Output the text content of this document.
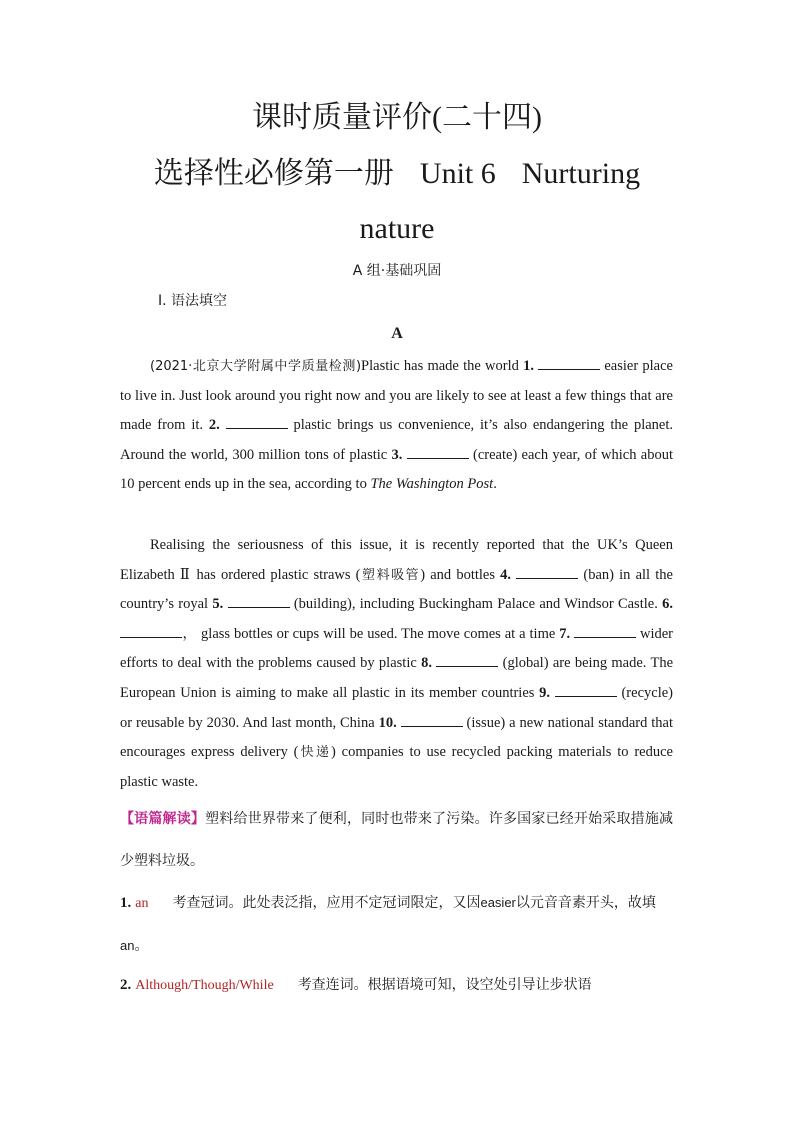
课时质量评价(二十四)
选择性必修第一册 Unit 6 Nurturing
nature
A 组·基础巩固
Ⅰ. 语法填空
A

(2021·北京大学附属中学质量检测)Plastic has made the world 1.	easier place to live in. Just look around you right now and you are likely to see at least a few things that are made from it. 2.	plastic brings us convenience, it’s also endangering the planet. Around the world, 300 million tons of plastic 3.	(create) each year, of which about 10 percent ends up in the sea, according to The Washington Post.

Realising the seriousness of this issue, it is recently reported that the UK’s Queen Elizabeth Ⅱ has ordered plastic straws (塑料吸管) and bottles 4.	(ban) in all the country’s royal 5.	(building), including Buckingham Palace and Windsor Castle. 6. ， glass bottles or cups will be used. The move comes at a time 7.	wider efforts to deal with the problems caused by plastic 8.	(global) are being made. The European Union is aiming to make all plastic in its member countries 9.	(recycle) or reusable by 2030. And last month, China 10.	(issue) a new national standard that encourages express delivery (快递) companies to use recycled packing materials to reduce plastic waste.

【语篇解读】塑料给世界带来了便利，同时也带来了污染。许多国家已经开始采取措施减少塑料垃圾。
1. an 考查冠词。此处表泛指，应用不定冠词限定，又因easier以元音音素开头，故填an。
2. Although/Though/While 考查连词。根据语境可知，设空处引导让步状语
